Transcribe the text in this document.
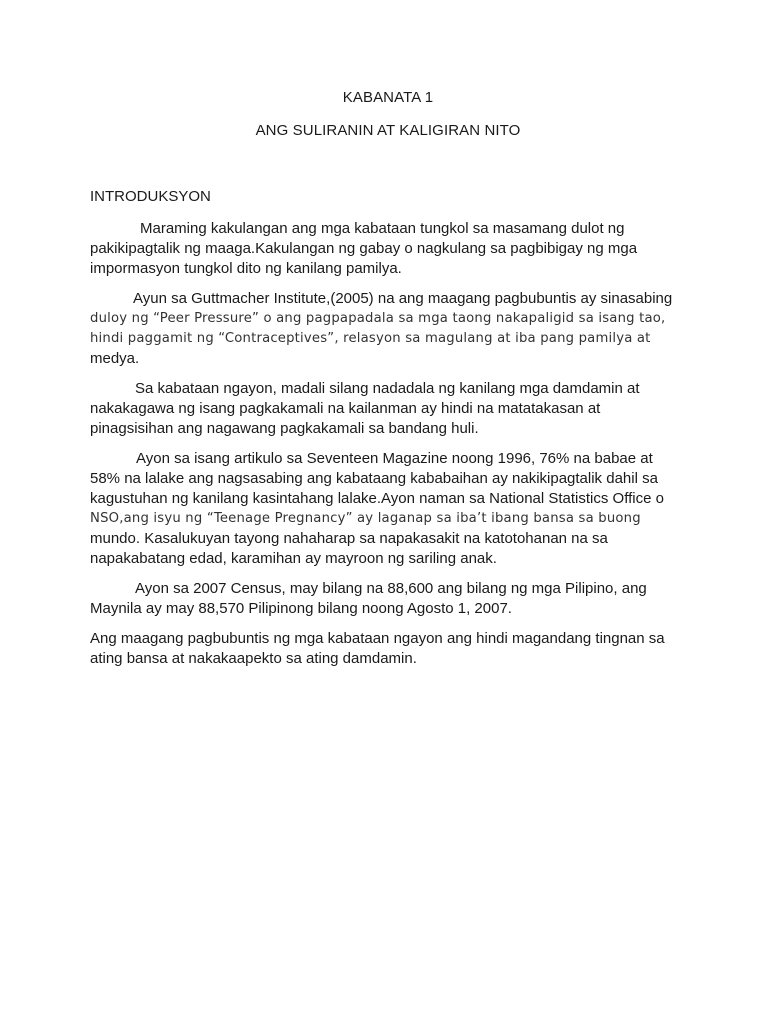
KABANATA 1
ANG SULIRANIN AT KALIGIRAN NITO
INTRODUKSYON

Maraming kakulangan ang mga kabataan tungkol sa masamang dulot ng
pakikipagtalik ng maaga.Kakulangan ng gabay o nagkulang sa pagbibigay ng mga
impormasyon tungkol dito ng kanilang pamilya.

Ayun sa Guttmacher Institute,(2005) na ang maagang pagbubuntis ay sinasabing
duloy ng “Peer Pressure” o ang pagpapadala sa mga taong nakapaligid sa isang tao,
hindi paggamit ng “Contraceptives”, relasyon sa magulang at iba pang pamilya at
medya.

Sa kabataan ngayon, madali silang nadadala ng kanilang mga damdamin at
nakakagawa ng isang pagkakamali na kailanman ay hindi na matatakasan at
pinagsisihan ang nagawang pagkakamali sa bandang huli.

Ayon sa isang artikulo sa Seventeen Magazine noong 1996, 76% na babae at
58% na lalake ang nagsasabing ang kabataang kababaihan ay nakikipagtalik dahil sa
kagustuhan ng kanilang kasintahang lalake.Ayon naman sa National Statistics Office o
NSO,ang isyu ng “Teenage Pregnancy” ay laganap sa iba’t ibang bansa sa buong
mundo. Kasalukuyan tayong nahaharap sa napakasakit na katotohanan na sa
napakabatang edad, karamihan ay mayroon ng sariling anak.

Ayon sa 2007 Census, may bilang na 88,600 ang bilang ng mga Pilipino, ang
Maynila ay may 88,570 Pilipinong bilang noong Agosto 1, 2007.

Ang maagang pagbubuntis ng mga kabataan ngayon ang hindi magandang tingnan sa
ating bansa at nakakaapekto sa ating damdamin.
